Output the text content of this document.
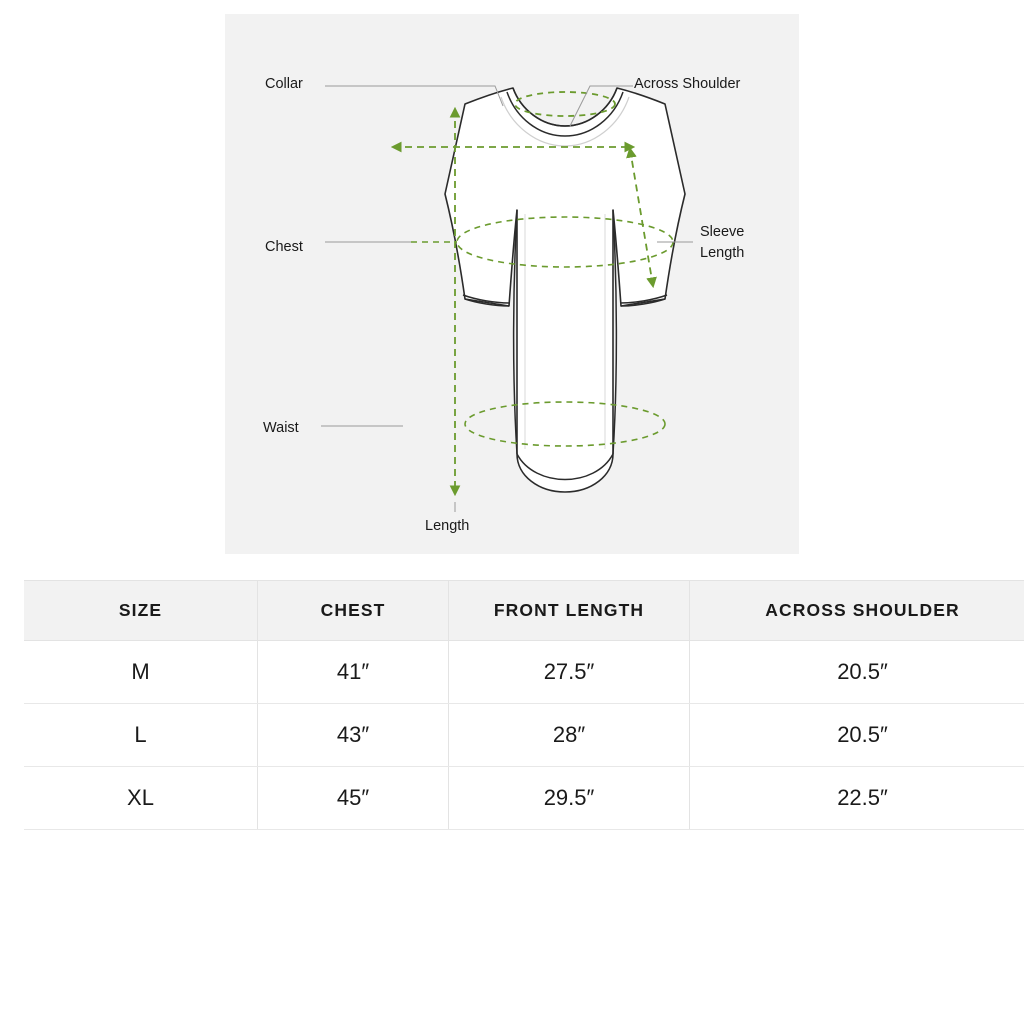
Collar	Across Shoulder
Chest
Sleeve
Length
Waist
Length
SIZE	CHEST	FRONT LENGTH	ACROSS SHOULDER
M	41″	27.5″	20.5″
L	43″	28″	20.5″
XL	45″	29.5″	22.5″
